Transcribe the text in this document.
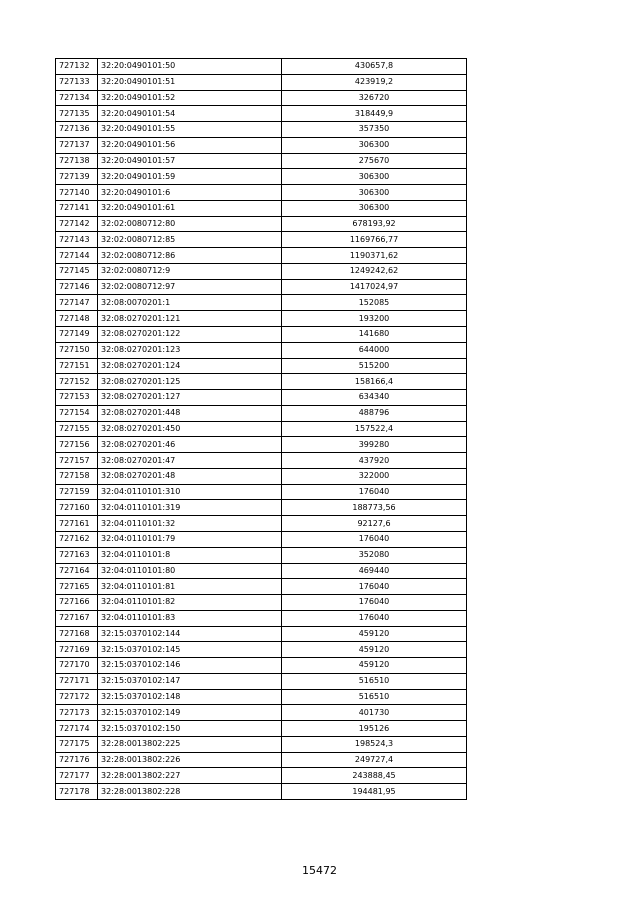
727132	32:20:0490101:50	430657,8
727133	32:20:0490101:51	423919,2
727134	32:20:0490101:52	326720
727135	32:20:0490101:54	318449,9
727136	32:20:0490101:55	357350
727137	32:20:0490101:56	306300
727138	32:20:0490101:57	275670
727139	32:20:0490101:59	306300
727140	32:20:0490101:6	306300
727141	32:20:0490101:61	306300
727142	32:02:0080712:80	678193,92
727143	32:02:0080712:85	1169766,77
727144	32:02:0080712:86	1190371,62
727145	32:02:0080712:9	1249242,62
727146	32:02:0080712:97	1417024,97
727147	32:08:0070201:1	152085
727148	32:08:0270201:121	193200
727149	32:08:0270201:122	141680
727150	32:08:0270201:123	644000
727151	32:08:0270201:124	515200
727152	32:08:0270201:125	158166,4
727153	32:08:0270201:127	634340
727154	32:08:0270201:448	488796
727155	32:08:0270201:450	157522,4
727156	32:08:0270201:46	399280
727157	32:08:0270201:47	437920
727158	32:08:0270201:48	322000
727159	32:04:0110101:310	176040
727160	32:04:0110101:319	188773,56
727161	32:04:0110101:32	92127,6
727162	32:04:0110101:79	176040
727163	32:04:0110101:8	352080
727164	32:04:0110101:80	469440
727165	32:04:0110101:81	176040
727166	32:04:0110101:82	176040
727167	32:04:0110101:83	176040
727168	32:15:0370102:144	459120
727169	32:15:0370102:145	459120
727170	32:15:0370102:146	459120
727171	32:15:0370102:147	516510
727172	32:15:0370102:148	516510
727173	32:15:0370102:149	401730
727174	32:15:0370102:150	195126
727175	32:28:0013802:225	198524,3
727176	32:28:0013802:226	249727,4
727177	32:28:0013802:227	243888,45
727178	32:28:0013802:228	194481,95
15472
